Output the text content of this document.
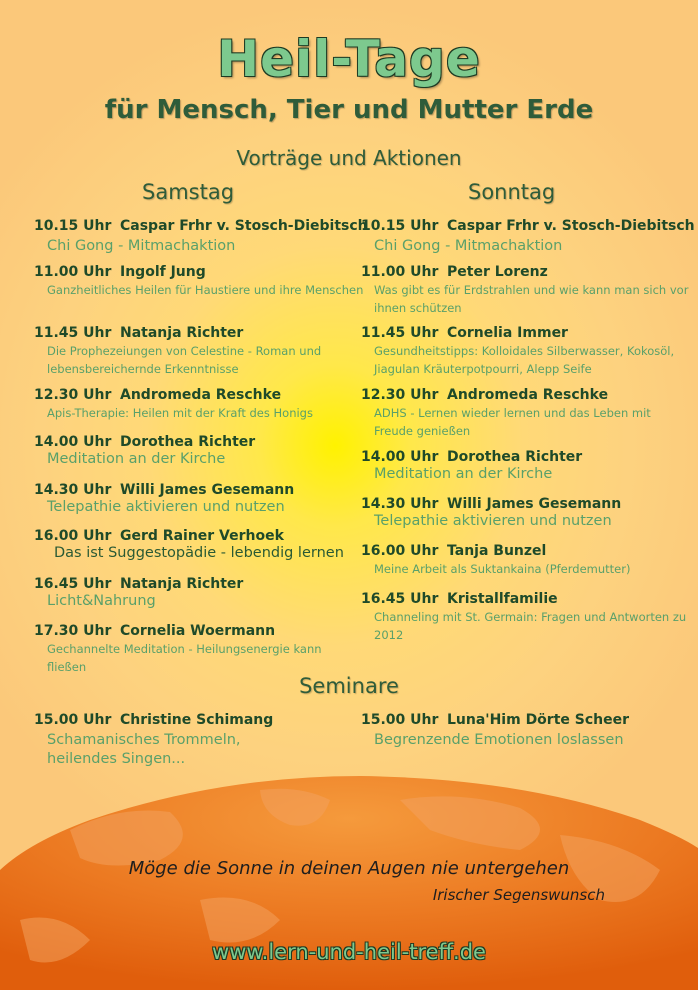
Heil-Tage
für Mensch, Tier und Mutter Erde
Vorträge und Aktionen
Samstag	Sonntag
10.15 Uhr Caspar Frhr v. Stosch-Diebitsch
Chi Gong - Mitmachaktion
11.00 Uhr Ingolf Jung
Ganzheitliches Heilen für Haustiere und ihre Menschen
11.45 Uhr Natanja Richter
Die Prophezeiungen von Celestine - Roman und lebensbereichernde Erkenntnisse
12.30 Uhr Andromeda Reschke
Apis-Therapie: Heilen mit der Kraft des Honigs
14.00 Uhr Dorothea Richter
Meditation an der Kirche
14.30 Uhr Willi James Gesemann
Telepathie aktivieren und nutzen
16.00 Uhr Gerd Rainer Verhoek
Das ist Suggestopädie - lebendig lernen
16.45 Uhr Natanja Richter
Licht&Nahrung
17.30 Uhr Cornelia Woermann
Gechannelte Meditation - Heilungsenergie kann fließen
10.15 Uhr Caspar Frhr v. Stosch-Diebitsch
Chi Gong - Mitmachaktion
11.00 Uhr Peter Lorenz
Was gibt es für Erdstrahlen und wie kann man sich vor ihnen schützen
11.45 Uhr Cornelia Immer
Gesundheitstipps: Kolloidales Silberwasser, Kokosöl, Jiagulan Kräuterpotpourri, Alepp Seife
12.30 Uhr Andromeda Reschke
ADHS - Lernen wieder lernen und das Leben mit Freude genießen
14.00 Uhr Dorothea Richter
Meditation an der Kirche
14.30 Uhr Willi James Gesemann
Telepathie aktivieren und nutzen
16.00 Uhr Tanja Bunzel
Meine Arbeit als Suktankaina (Pferdemutter)
16.45 Uhr Kristallfamilie
Channeling mit St. Germain: Fragen und Antworten zu 2012
Seminare
15.00 Uhr Christine Schimang
Schamanisches Trommeln, heilendes Singen...
15.00 Uhr Luna'Him Dörte Scheer
Begrenzende Emotionen loslassen
Möge die Sonne in deinen Augen nie untergehen
Irischer Segenswunsch
www.lern-und-heil-treff.de
